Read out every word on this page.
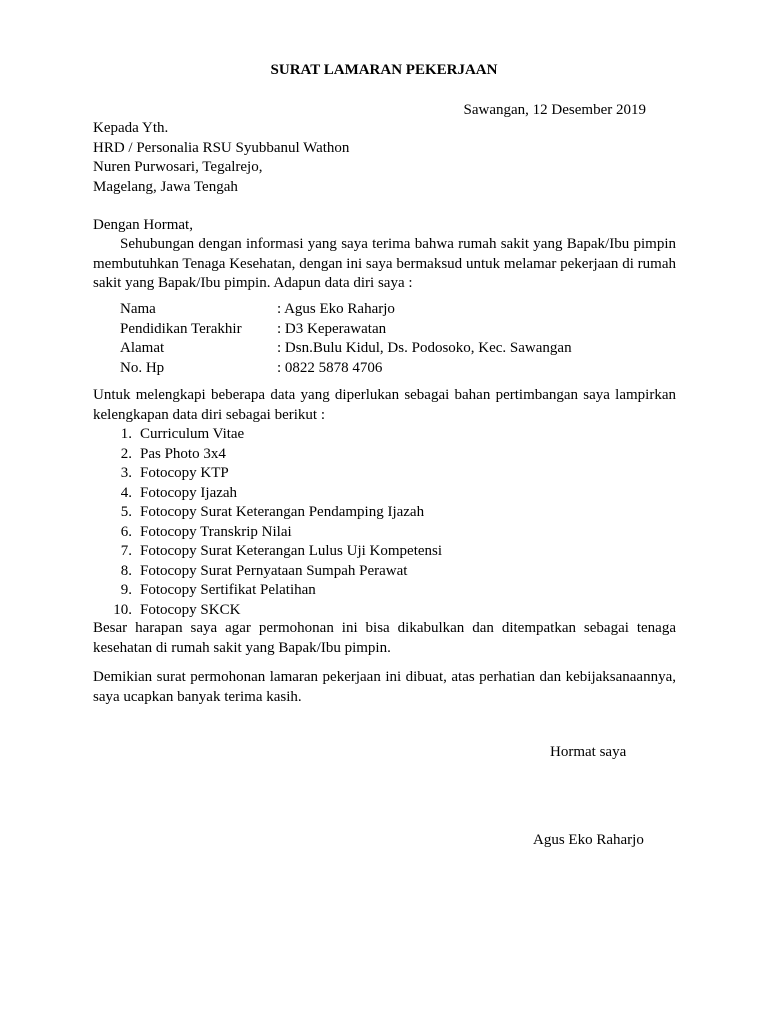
SURAT LAMARAN PEKERJAAN
Sawangan, 12 Desember 2019
Kepada Yth.
HRD / Personalia RSU Syubbanul Wathon
Nuren Purwosari, Tegalrejo,
Magelang, Jawa Tengah
Dengan Hormat,
Sehubungan dengan informasi yang saya terima bahwa rumah sakit yang Bapak/Ibu pimpin membutuhkan Tenaga Kesehatan, dengan ini saya bermaksud untuk melamar pekerjaan di rumah sakit yang Bapak/Ibu pimpin. Adapun data diri saya :
Nama	: Agus Eko Raharjo
Pendidikan Terakhir	: D3 Keperawatan
Alamat	: Dsn.Bulu Kidul, Ds. Podosoko, Kec. Sawangan
No. Hp	: 0822 5878 4706
Untuk melengkapi beberapa data yang diperlukan sebagai bahan pertimbangan saya lampirkan kelengkapan data diri sebagai berikut :
1. Curriculum Vitae
2. Pas Photo 3x4
3. Fotocopy KTP
4. Fotocopy Ijazah
5. Fotocopy Surat Keterangan Pendamping Ijazah
6. Fotocopy Transkrip Nilai
7. Fotocopy Surat Keterangan Lulus Uji Kompetensi
8. Fotocopy Surat Pernyataan Sumpah Perawat
9. Fotocopy Sertifikat Pelatihan
10. Fotocopy SKCK
Besar harapan saya agar permohonan ini bisa dikabulkan dan ditempatkan sebagai tenaga kesehatan di rumah sakit yang Bapak/Ibu pimpin.
Demikian surat permohonan lamaran pekerjaan ini dibuat, atas perhatian dan kebijaksanaannya, saya ucapkan banyak terima kasih.
Hormat saya
Agus Eko Raharjo
